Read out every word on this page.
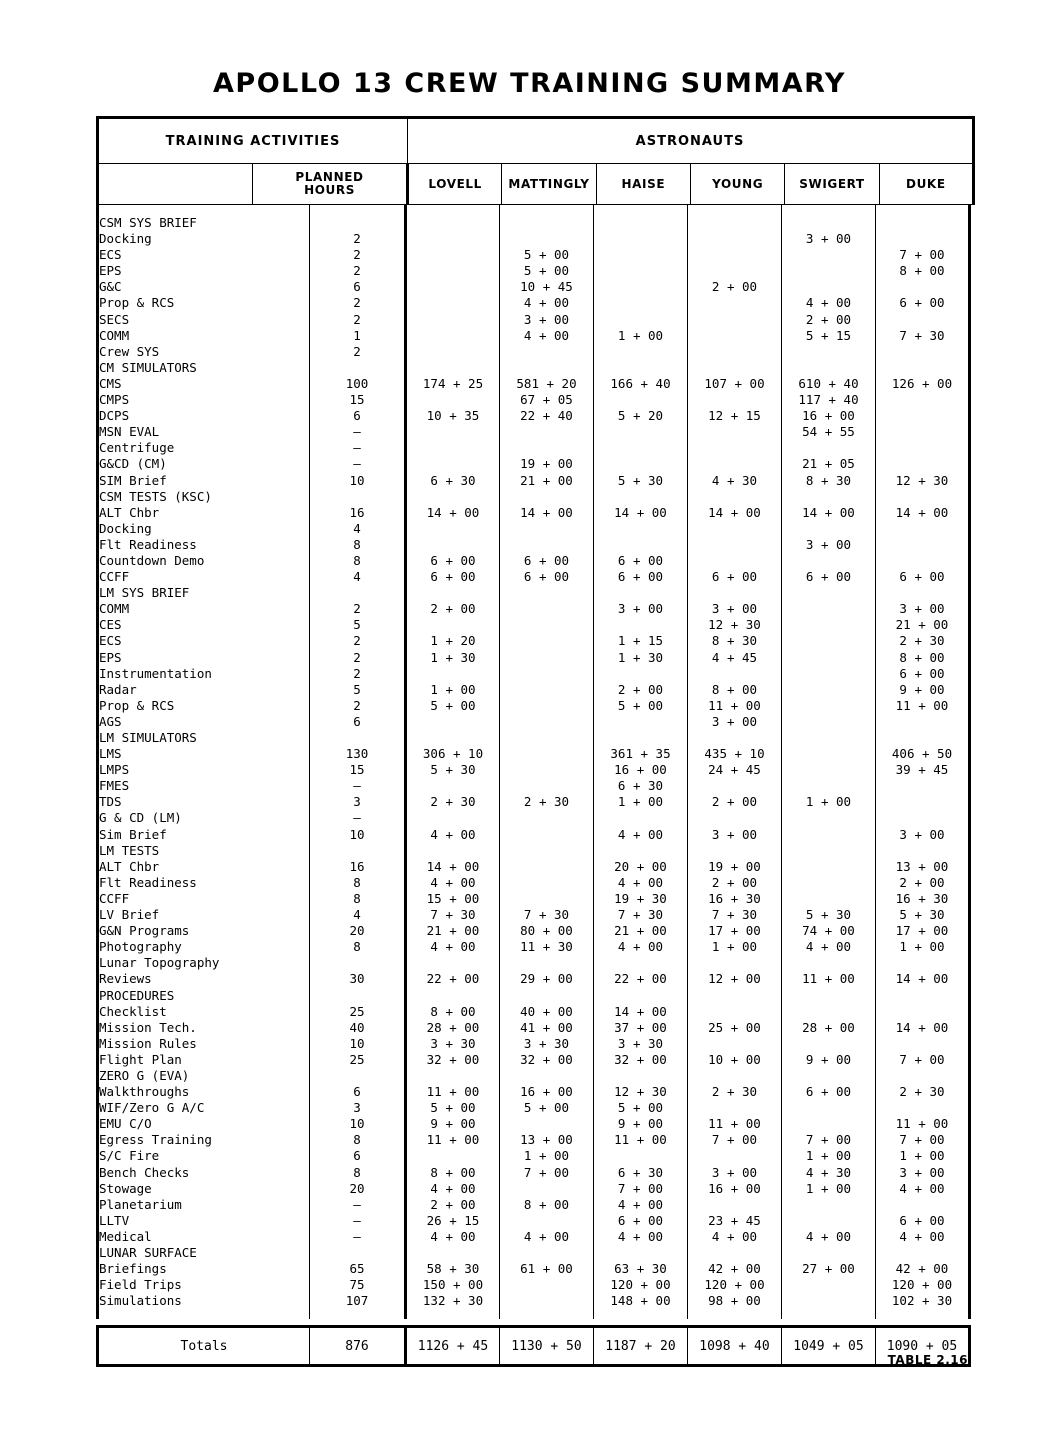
APOLLO 13 CREW TRAINING SUMMARY
TRAINING ACTIVITIES		ASTRONAUTS					
	PLANNED
HOURS	LOVELL	MATTINGLY	HAISE	YOUNG	SWIGERT	DUKE

CSM SYS BRIEF							
Docking	2					3 + 00	
ECS	2		5 + 00				7 + 00
EPS	2		5 + 00				8 + 00
G&C	6		10 + 45		2 + 00		
Prop & RCS	2		4 + 00			4 + 00	6 + 00
SECS	2		3 + 00			2 + 00	
COMM	1		4 + 00	1 + 00		5 + 15	7 + 30
Crew SYS	2						
CM SIMULATORS							
CMS	100	174 + 25	581 + 20	166 + 40	107 + 00	610 + 40	126 + 00
CMPS	15		67 + 05			117 + 40	
DCPS	6	10 + 35	22 + 40	5 + 20	12 + 15	16 + 00	
MSN EVAL	–					54 + 55	
Centrifuge	–						
G&CD (CM)	–		19 + 00			21 + 05	
SIM Brief	10	6 + 30	21 + 00	5 + 30	4 + 30	8 + 30	12 + 30
CSM TESTS (KSC)							
ALT Chbr	16	14 + 00	14 + 00	14 + 00	14 + 00	14 + 00	14 + 00
Docking	4						
Flt Readiness	8					3 + 00	
Countdown Demo	8	6 + 00	6 + 00	6 + 00			
CCFF	4	6 + 00	6 + 00	6 + 00	6 + 00	6 + 00	6 + 00
LM SYS BRIEF							
COMM	2	2 + 00		3 + 00	3 + 00		3 + 00
CES	5				12 + 30		21 + 00
ECS	2	1 + 20		1 + 15	8 + 30		2 + 30
EPS	2	1 + 30		1 + 30	4 + 45		8 + 00
Instrumentation	2						6 + 00
Radar	5	1 + 00		2 + 00	8 + 00		9 + 00
Prop & RCS	2	5 + 00		5 + 00	11 + 00		11 + 00
AGS	6				3 + 00		
LM SIMULATORS							
LMS	130	306 + 10		361 + 35	435 + 10		406 + 50
LMPS	15	5 + 30		16 + 00	24 + 45		39 + 45
FMES	–			6 + 30			
TDS	3	2 + 30	2 + 30	1 + 00	2 + 00	1 + 00	
G & CD (LM)	–						
Sim Brief	10	4 + 00		4 + 00	3 + 00		3 + 00
LM TESTS							
ALT Chbr	16	14 + 00		20 + 00	19 + 00		13 + 00
Flt Readiness	8	4 + 00		4 + 00	2 + 00		2 + 00
CCFF	8	15 + 00		19 + 30	16 + 30		16 + 30
LV Brief	4	7 + 30	7 + 30	7 + 30	7 + 30	5 + 30	5 + 30
G&N Programs	20	21 + 00	80 + 00	21 + 00	17 + 00	74 + 00	17 + 00
Photography	8	4 + 00	11 + 30	4 + 00	1 + 00	4 + 00	1 + 00
Lunar Topography							
Reviews	30	22 + 00	29 + 00	22 + 00	12 + 00	11 + 00	14 + 00
PROCEDURES							
Checklist	25	8 + 00	40 + 00	14 + 00			
Mission Tech.	40	28 + 00	41 + 00	37 + 00	25 + 00	28 + 00	14 + 00
Mission Rules	10	3 + 30	3 + 30	3 + 30			
Flight Plan	25	32 + 00	32 + 00	32 + 00	10 + 00	9 + 00	7 + 00
ZERO G (EVA)							
Walkthroughs	6	11 + 00	16 + 00	12 + 30	2 + 30	6 + 00	2 + 30
WIF/Zero G A/C	3	5 + 00	5 + 00	5 + 00			
EMU C/O	10	9 + 00		9 + 00	11 + 00		11 + 00
Egress Training	8	11 + 00	13 + 00	11 + 00	7 + 00	7 + 00	7 + 00
S/C Fire	6		1 + 00			1 + 00	1 + 00
Bench Checks	8	8 + 00	7 + 00	6 + 30	3 + 00	4 + 30	3 + 00
Stowage	20	4 + 00		7 + 00	16 + 00	1 + 00	4 + 00
Planetarium	–	2 + 00	8 + 00	4 + 00			
LLTV	–	26 + 15		6 + 00	23 + 45		6 + 00
Medical	–	4 + 00	4 + 00	4 + 00	4 + 00	4 + 00	4 + 00
LUNAR SURFACE							
Briefings	65	58 + 30	61 + 00	63 + 30	42 + 00	27 + 00	42 + 00
Field Trips	75	150 + 00		120 + 00	120 + 00		120 + 00
Simulations	107	132 + 30		148 + 00	98 + 00		102 + 30

Totals	876	1126 + 45	1130 + 50	1187 + 20	1098 + 40	1049 + 05	1090 + 05
TABLE 2.16
